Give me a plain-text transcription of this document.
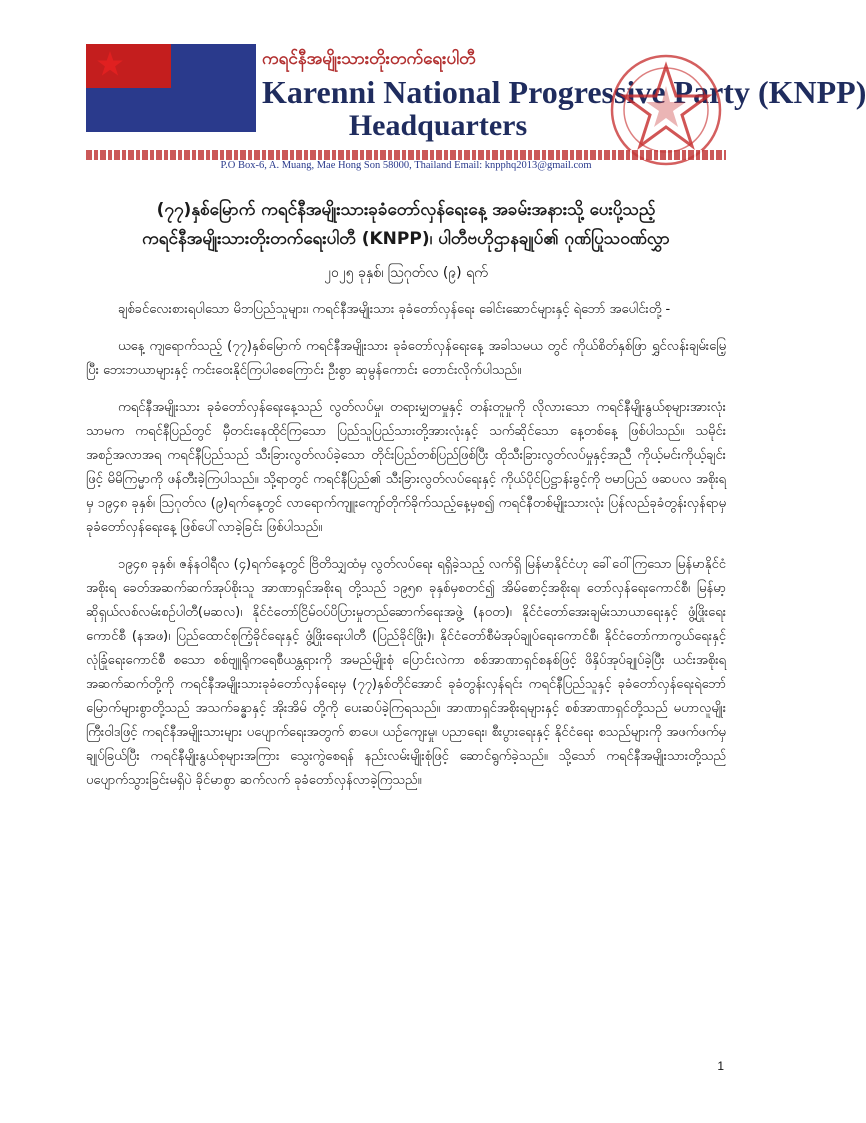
ကရင်နီအမျိုးသားတိုးတက်ရေးပါတီ
Karenni National Progressive Party (KNPP)
Headquarters
P.O Box-6, A. Muang, Mae Hong Son 58000, Thailand Email: knpphq2013@gmail.com
(၇၇)နှစ်မြောက် ကရင်နီအမျိုးသားခုခံတော်လှန်ရေးနေ့ အခမ်းအနားသို့ ပေးပို့သည့်
ကရင်နီအမျိုးသားတိုးတက်ရေးပါတီ (KNPP)၊ ပါတီဗဟိုဌာနချုပ်၏ ဂုဏ်ပြုသဝဏ်လွှာ
၂၀၂၅ ခုနှစ်၊ ဩဂုတ်လ (၉) ရက်

ချစ်ခင်လေးစားရပါသော မိဘပြည်သူများ၊ ကရင်နီအမျိုးသား ခုခံတော်လှန်ရေး ခေါင်းဆောင်များနှင့် ရဲဘော် အပေါင်းတို့ -

ယနေ့ ကျရောက်သည့် (၇၇)နှစ်မြောက် ကရင်နီအမျိုးသား ခုခံတော်လှန်ရေးနေ့ အခါသမယ တွင် ကိုယ်စိတ်နှစ်ဖြာ ရွှင်လန်းချမ်းမြေ့ပြီး ဘေးဘယာများနှင့် ကင်းဝေးနိုင်ကြပါစေကြောင်း ဦးစွာ ဆုမွန်ကောင်း တောင်းလိုက်ပါသည်။

ကရင်နီအမျိုးသား ခုခံတော်လှန်ရေးနေ့သည် လွတ်လပ်မှု၊ တရားမျှတမှုနှင့် တန်းတူမှုကို လိုလားသော ကရင်နီမျိုးနွယ်စုများအားလုံးသာမက ကရင်နီပြည်တွင် မှီတင်းနေထိုင်ကြသော ပြည်သူပြည်သားတို့အားလုံးနှင့် သက်ဆိုင်သော နေ့တစ်နေ့ ဖြစ်ပါသည်။ သမိုင်းအစဉ်အလာအရ ကရင်နီပြည်သည် သီးခြားလွတ်လပ်ခဲ့သော တိုင်းပြည်တစ်ပြည်ဖြစ်ပြီး ထိုသီးခြားလွတ်လပ်မှုနှင့်အညီ ကိုယ့်မင်းကိုယ့်ချင်းဖြင့် မိမိကြမ္မာကို ဖန်တီးခဲ့ကြပါသည်။ သို့ရာတွင် ကရင်နီပြည်၏ သီးခြားလွတ်လပ်ရေးနှင့် ကိုယ်ပိုင်ပြဋ္ဌာန်းခွင့်ကို ဗမာပြည် ဖဆပလ အစိုးရမှ ၁၉၄၈ ခုနှစ်၊ ဩဂုတ်လ (၉)ရက်နေ့တွင် လာရောက်ကျူးကျော်တိုက်ခိုက်သည့်နေ့မှစ၍ ကရင်နီတစ်မျိုးသားလုံး ပြန်လည်ခုခံတွန်းလှန်ရာမှ ခုခံတော်လှန်ရေးနေ့ ဖြစ်ပေါ်လာခဲ့ခြင်း ဖြစ်ပါသည်။

၁၉၄၈ ခုနှစ်၊ ဇန်နဝါရီလ (၄)ရက်နေ့တွင် ဗြိတိသျှထံမှ လွတ်လပ်ရေး ရရှိခဲ့သည့် လက်ရှိ မြန်မာနိုင်ငံဟု ခေါ်ဝေါ်ကြသော မြန်မာနိုင်ငံအစိုးရ ခေတ်အဆက်ဆက်အုပ်စိုးသူ အာဏာရှင်အစိုးရ တို့သည် ၁၉၅၈ ခုနှစ်မှစတင်၍ အိမ်စောင့်အစိုးရ၊ တော်လှန်ရေးကောင်စီ၊ မြန်မာ့ဆိုရှယ်လစ်လမ်းစဉ်ပါတီ(မဆလ)၊ နိုင်ငံတော်ငြိမ်ဝပ်ပိပြားမှုတည်ဆောက်ရေးအဖွဲ့ (နဝတ)၊ နိုင်ငံတော်အေးချမ်းသာယာရေးနှင့် ဖွံ့ဖြိုးရေးကောင်စီ (နအဖ)၊ ပြည်ထောင်စုကြံ့ခိုင်ရေးနှင့် ဖွံ့ဖြိုးရေးပါတီ (ပြည်ခိုင်ဖြိုး)၊ နိုင်ငံတော်စီမံအုပ်ချုပ်ရေးကောင်စီ၊ နိုင်ငံတော်ကာကွယ်ရေးနှင့် လုံခြုံရေးကောင်စီ စသော စစ်ဗျူရိုကရေစီယန္တရားကို အမည်မျိုးစုံ ပြောင်းလဲကာ စစ်အာဏာရှင်စနစ်ဖြင့် ဖိနှိပ်အုပ်ချုပ်ခဲ့ပြီး ယင်းအစိုးရအဆက်ဆက်တို့ကို ကရင်နီအမျိုးသားခုခံတော်လှန်ရေးမှ (၇၇)နှစ်တိုင်အောင် ခုခံတွန်းလှန်ရင်း ကရင်နီပြည်သူနှင့် ခုခံတော်လှန်ရေးရဲဘော်မြောက်များစွာတို့သည် အသက်ခန္ဓာနှင့် အိုးအိမ် တို့ကို ပေးဆပ်ခဲ့ကြရသည်။ အာဏာရှင်အစိုးရများနှင့် စစ်အာဏာရှင်တို့သည် မဟာလူမျိုးကြီးဝါဒဖြင့် ကရင်နီအမျိုးသားများ ပပျောက်ရေးအတွက် စာပေ၊ ယဉ်ကျေးမှု၊ ပညာရေး၊ စီးပွားရေးနှင့် နိုင်ငံရေး စသည်များကို အဖက်ဖက်မှ ချုပ်ခြယ်ပြီး ကရင်နီမျိုးနွယ်စုများအကြား သွေးကွဲစေရန် နည်းလမ်းမျိုးစုံဖြင့် ဆောင်ရွက်ခဲ့သည်။ သို့သော် ကရင်နီအမျိုးသားတို့သည် ပပျောက်သွားခြင်းမရှိပဲ ခိုင်မာစွာ ဆက်လက် ခုခံတော်လှန်လာခဲ့ကြသည်။

1
